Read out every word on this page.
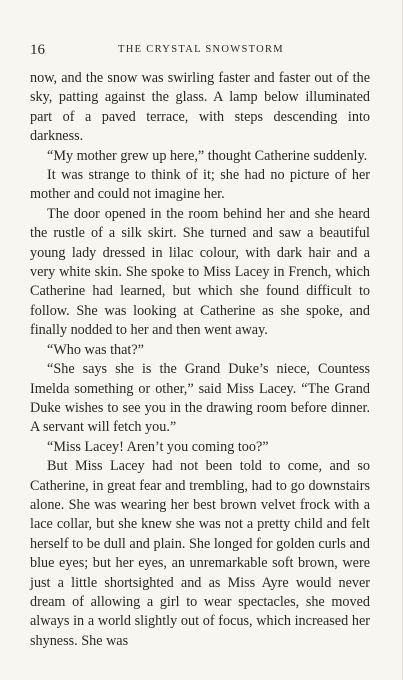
16	THE CRYSTAL SNOWSTORM

now, and the snow was swirling faster and faster out of the sky, patting against the glass. A lamp below illuminated part of a paved terrace, with steps descending into darkness.

“My mother grew up here,” thought Catherine suddenly.

It was strange to think of it; she had no picture of her mother and could not imagine her.

The door opened in the room behind her and she heard the rustle of a silk skirt. She turned and saw a beautiful young lady dressed in lilac colour, with dark hair and a very white skin. She spoke to Miss Lacey in French, which Catherine had learned, but which she found difficult to follow. She was looking at Catherine as she spoke, and finally nodded to her and then went away.

“Who was that?”

“She says she is the Grand Duke’s niece, Countess Imelda something or other,” said Miss Lacey. “The Grand Duke wishes to see you in the drawing room before dinner. A servant will fetch you.”

“Miss Lacey! Aren’t you coming too?”

But Miss Lacey had not been told to come, and so Catherine, in great fear and trembling, had to go downstairs alone. She was wearing her best brown velvet frock with a lace collar, but she knew she was not a pretty child and felt herself to be dull and plain. She longed for golden curls and blue eyes; but her eyes, an unremarkable soft brown, were just a little shortsighted and as Miss Ayre would never dream of allowing a girl to wear spectacles, she moved always in a world slightly out of focus, which increased her shyness. She was
